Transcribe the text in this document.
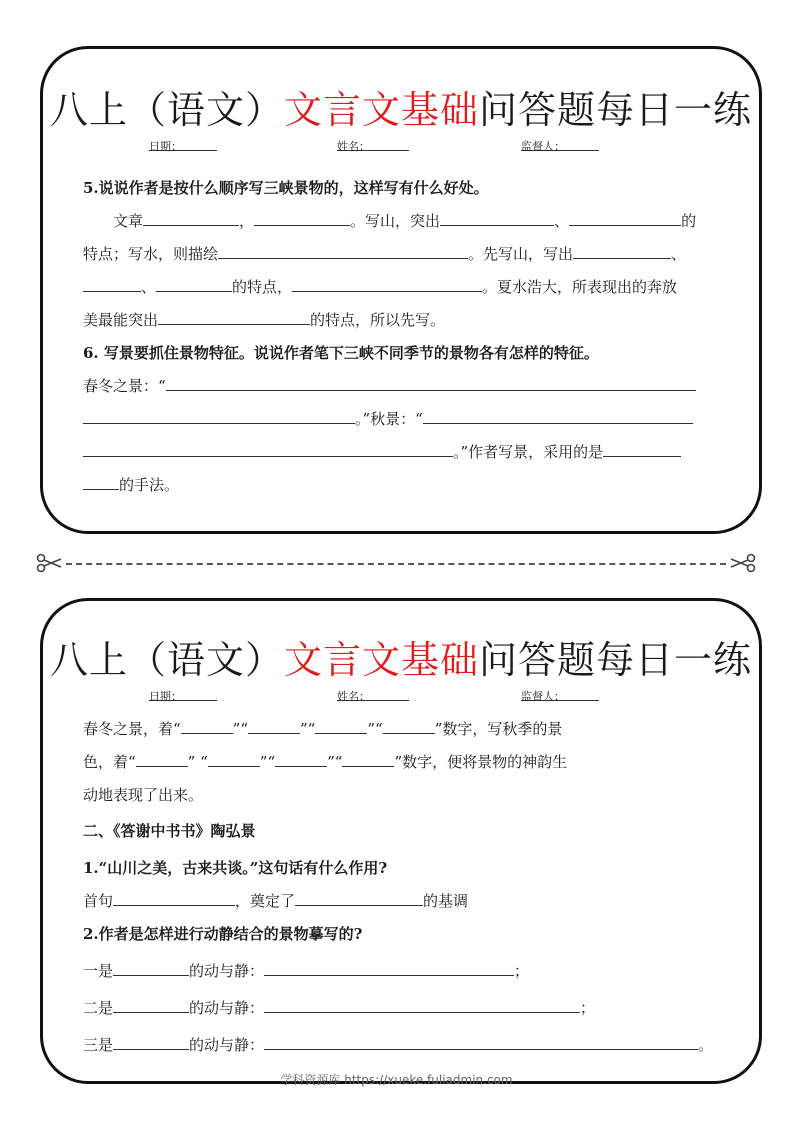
八上（语文）文言文基础问答题每日一练
日期：	姓名：	监督人：

5.说说作者是按什么顺序写三峡景物的，这样写有什么好处。

文章	，	。写山，突出	、	的
特点；写水，则描绘	。先写山，写出	、
、	的特点，	。夏水浩大，所表现出的奔放
美最能突出	的特点，所以先写。

6. 写景要抓住景物特征。说说作者笔下三峡不同季节的景物各有怎样的特征。

春冬之景：“
。”秋景：“
。”作者写景，采用的是
的手法。

八上（语文）文言文基础问答题每日一练
日期：	姓名：	监督人：

春冬之景，着“	”“	”“	”“	”数字，写秋季的景
色，着“	” “	”“	”“	”数字，便将景物的神韵生
动地表现了出来。

二、《答谢中书书》陶弘景

1.“山川之美，古来共谈。”这句话有什么作用?

首句	，奠定了	的基调

2.作者是怎样进行动静结合的景物摹写的?

一是	的动与静：	；

二是	的动与静：	；

三是	的动与静：	。

学科资源库 https://xueke.fuliadmin.com
